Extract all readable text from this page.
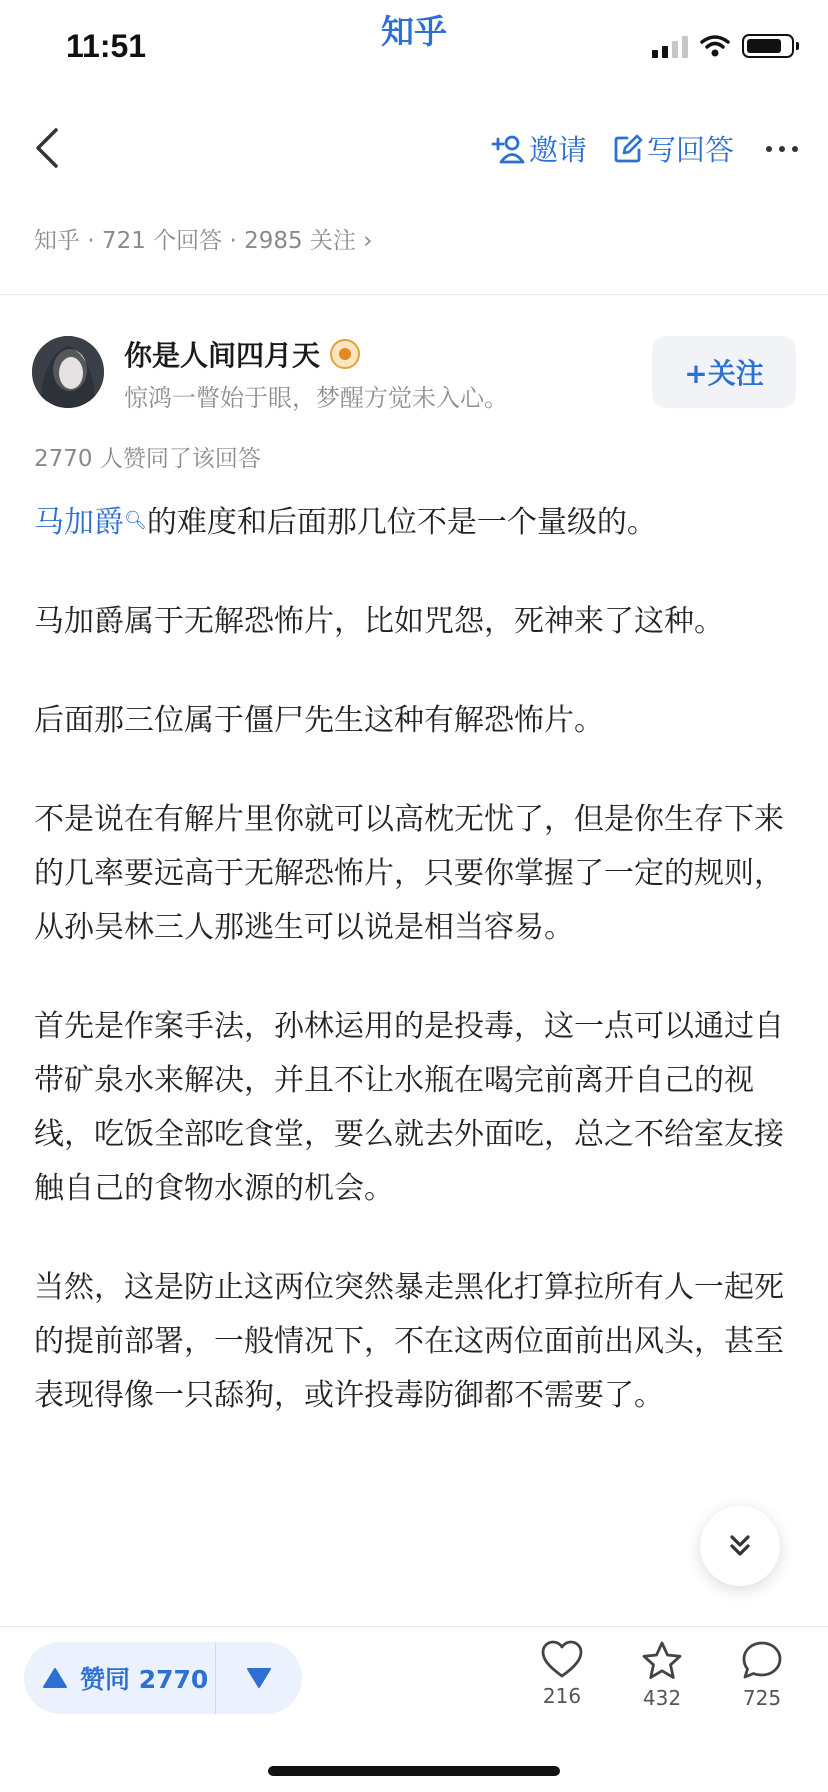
11:51	知乎
邀请 写回答
知乎 · 721 个回答 · 2985 关注 ›
你是人间四月天
惊鸿一瞥始于眼，梦醒方觉未入心。
+关注
2770 人赞同了该回答

马加爵🔍︎的难度和后面那几位不是一个量级的。

马加爵属于无解恐怖片，比如咒怨，死神来了这种。

后面那三位属于僵尸先生这种有解恐怖片。

不是说在有解片里你就可以高枕无忧了，但是你生存下来的几率要远高于无解恐怖片，只要你掌握了一定的规则，从孙吴林三人那逃生可以说是相当容易。

首先是作案手法，孙林运用的是投毒，这一点可以通过自带矿泉水来解决，并且不让水瓶在喝完前离开自己的视线，吃饭全部吃食堂，要么就去外面吃，总之不给室友接触自己的食物水源的机会。

当然，这是防止这两位突然暴走黑化打算拉所有人一起死的提前部署，一般情况下，不在这两位面前出风头，甚至表现得像一只舔狗，或许投毒防御都不需要了。

赞同 2770
216	432	725
